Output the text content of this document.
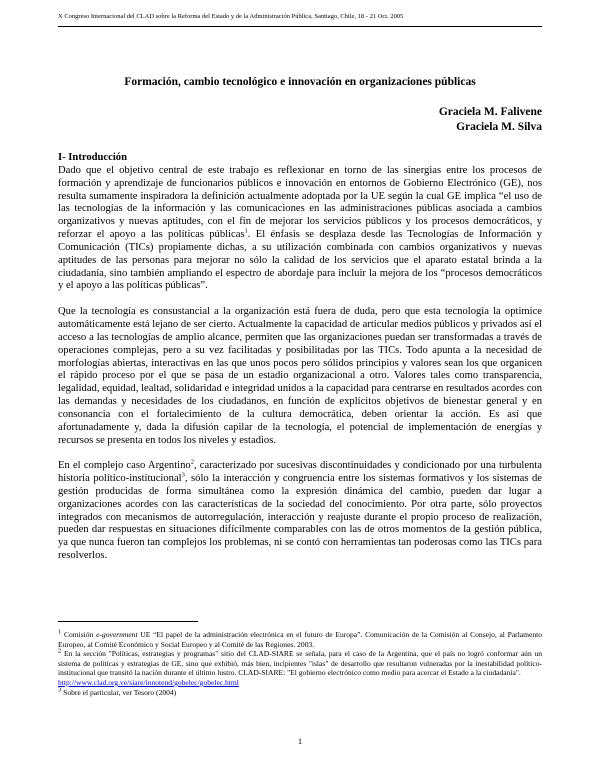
X Congreso Internacional del CLAD sobre la Reforma del Estado y de la Administración Pública, Santiago, Chile, 18 - 21 Oct. 2005
Formación, cambio tecnológico e innovación en organizaciones públicas
Graciela M. Falivene
Graciela M. Silva
I- Introducción

Dado que el objetivo central de este trabajo es reflexionar en torno de las sinergias entre los procesos de formación y aprendizaje de funcionarios públicos e innovación en entornos de Gobierno Electrónico (GE), nos resulta sumamente inspiradora la definición actualmente adoptada por la UE según la cual GE implica “el uso de las tecnologías de la información y las comunicaciones en las administraciones públicas asociada a cambios organizativos y nuevas aptitudes, con el fin de mejorar los servicios públicos y los procesos democráticos, y reforzar el apoyo a las políticas públicas$^1$. El énfasis se desplaza desde las Tecnologías de Información y Comunicación (TICs) propiamente dichas, a su utilización combinada con cambios organizativos y nuevas aptitudes de las personas para mejorar no sólo la calidad de los servicios que el aparato estatal brinda a la ciudadanía, sino también ampliando el espectro de abordaje para incluir la mejora de los “procesos democráticos y el apoyo a las políticas públicas”.

Que la tecnología es consustancial a la organización está fuera de duda, pero que esta tecnología la optimice automáticamente está lejano de ser cierto. Actualmente la capacidad de articular medios públicos y privados así el acceso a las tecnologías de amplio alcance, permiten que las organizaciones puedan ser transformadas a través de operaciones complejas, pero a su vez facilitadas y posibilitadas por las TICs. Todo apunta a la necesidad de morfologías abiertas, interactivas en las que unos pocos pero sólidos principios y valores sean los que organicen el rápido proceso por el que se pasa de un estadio organizacional a otro. Valores tales como transparencia, legalidad, equidad, lealtad, solidaridad e integridad unidos a la capacidad para centrarse en resultados acordes con las demandas y necesidades de los ciudadanos, en función de explícitos objetivos de bienestar general y en consonancia con el fortalecimiento de la cultura democrática, deben orientar la acción. Es así que afortunadamente y, dada la difusión capilar de la tecnología, el potencial de implementación de energías y recursos se presenta en todos los niveles y estadios.

En el complejo caso Argentino$^2$, caracterizado por sucesivas discontinuidades y condicionado por una turbulenta historia político-institucional$^3$, sólo la interacción y congruencia entre los sistemas formativos y los sistemas de gestión producidas de forma simultánea como la expresión dinámica del cambio, pueden dar lugar a organizaciones acordes con las características de la sociedad del conocimiento. Por otra parte, sólo proyectos integrados con mecanismos de autorregulación, interacción y reajuste durante el propio proceso de realización, pueden dar respuestas en situaciones difícilmente comparables con las de otros momentos de la gestión pública, ya que nunca fueron tan complejos los problemas, ni se contó con herramientas tan poderosas como las TICs para resolverlos.

$^1$ Comisión e-government UE “El papel de la administración electrónica en el futuro de Europa”. Comunicación de la Comisión al Consejo, al Parlamento Europeo, al Comité Económico y Social Europeo y al Comité de las Regiones. 2003.
$^2$ En la sección "Políticas, estrategias y programas" sitio del CLAD-SIARE se señala, para el caso de la Argentina, que el país no logró conformar aún un sistema de políticas y estrategias de GE, sino que exhibió, más bien, incipientes "islas" de desarrollo que resultaron vulneradas por la inestabilidad político-institucional que transitó la nación durante el último lustro. CLAD-SIARE: "El gobierno electrónico como medio para acercar el Estado a la ciudadanía".
http://www.clad.org.ve/siare/innotend/gobelec/gobelec.html
$^3$ Sobre el particular, ver Tesoro (2004)
1
